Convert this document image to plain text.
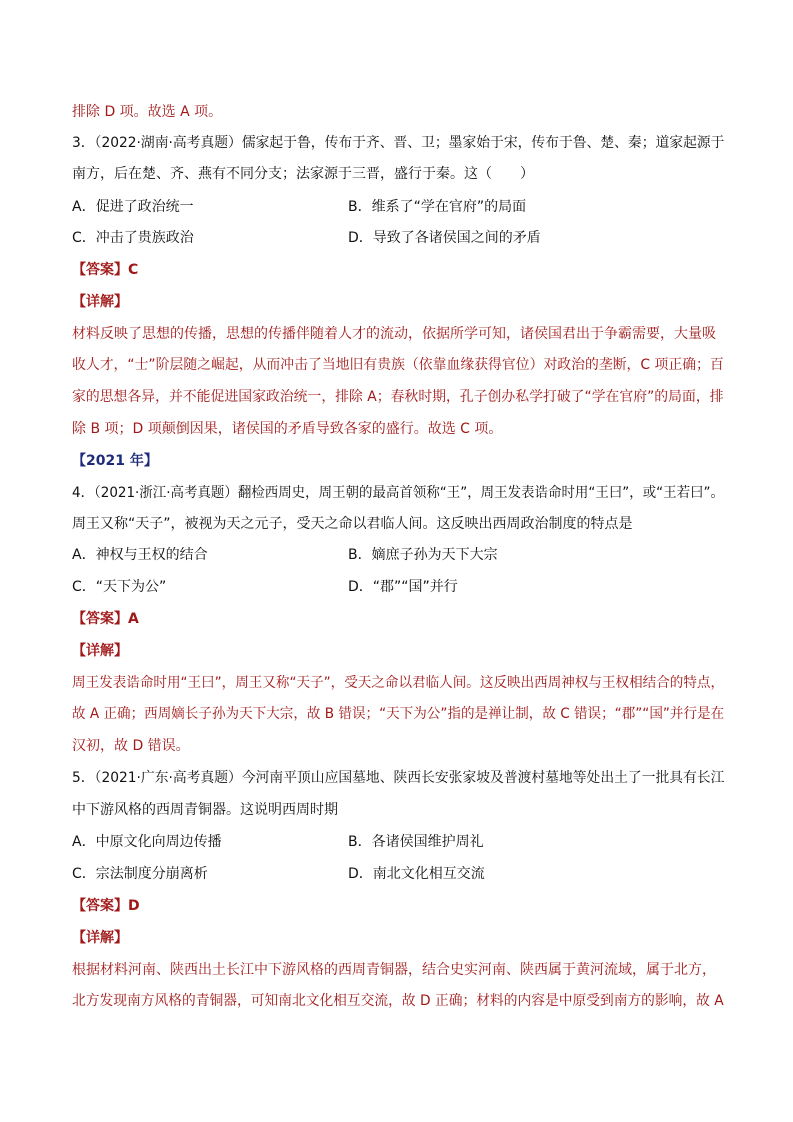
排除 D 项。故选 A 项。
3．（2022·湖南·高考真题）儒家起于鲁，传布于齐、晋、卫；墨家始于宋，传布于鲁、楚、秦；道家起源于
南方，后在楚、齐、燕有不同分支；法家源于三晋，盛行于秦。这（　　）
A．促进了政治统一	B．维系了“学在官府”的局面
C．冲击了贵族政治	D．导致了各诸侯国之间的矛盾
【答案】C
【详解】
材料反映了思想的传播，思想的传播伴随着人才的流动，依据所学可知，诸侯国君出于争霸需要，大量吸
收人才，“士”阶层随之崛起，从而冲击了当地旧有贵族（依靠血缘获得官位）对政治的垄断，C 项正确；百
家的思想各异，并不能促进国家政治统一，排除 A；春秋时期，孔子创办私学打破了“学在官府”的局面，排
除 B 项；D 项颠倒因果，诸侯国的矛盾导致各家的盛行。故选 C 项。
【2021 年】
4．（2021·浙江·高考真题）翻检西周史，周王朝的最高首领称“王”，周王发表诰命时用“王曰”，或“王若曰”。
周王又称“天子”，被视为天之元子，受天之命以君临人间。这反映出西周政治制度的特点是
A．神权与王权的结合	B．嫡庶子孙为天下大宗
C．“天下为公”	D．“郡”“国”并行
【答案】A
【详解】
周王发表诰命时用“王曰”，周王又称“天子”，受天之命以君临人间。这反映出西周神权与王权相结合的特点，
故 A 正确；西周嫡长子孙为天下大宗，故 B 错误；“天下为公”指的是禅让制，故 C 错误；“郡”“国”并行是在
汉初，故 D 错误。
5．（2021·广东·高考真题）今河南平顶山应国墓地、陕西长安张家坡及普渡村墓地等处出土了一批具有长江
中下游风格的西周青铜器。这说明西周时期
A．中原文化向周边传播	B．各诸侯国维护周礼
C．宗法制度分崩离析	D．南北文化相互交流
【答案】D
【详解】
根据材料河南、陕西出土长江中下游风格的西周青铜器，结合史实河南、陕西属于黄河流域，属于北方，
北方发现南方风格的青铜器，可知南北文化相互交流，故 D 正确；材料的内容是中原受到南方的影响，故 A
